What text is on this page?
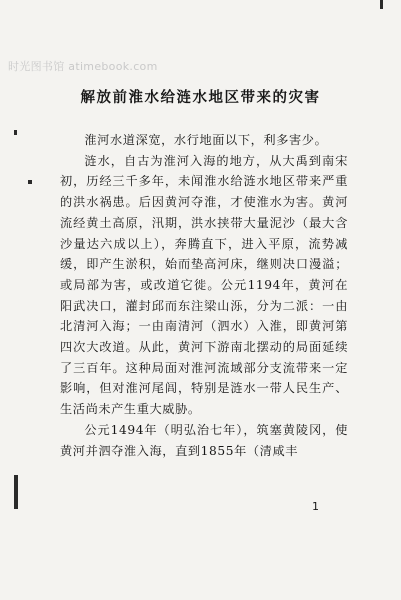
时光图书馆 atimebook.com
解放前淮水给涟水地区带来的灾害

淮河水道深宽，水行地面以下，利多害少。

涟水，自古为淮河入海的地方，从大禹到南宋初，历经三千多年，未闻淮水给涟水地区带来严重的洪水祸患。后因黄河夺淮，才使淮水为害。黄河流经黄土高原，汛期，洪水挟带大量泥沙（最大含沙量达六成以上），奔腾直下，进入平原，流势减缓，即产生淤积，始而垫高河床，继则决口漫溢；或局部为害，或改道它徙。公元1194年，黄河在阳武决口，灌封邱而东注梁山泺，分为二派：一由北清河入海；一由南清河（泗水）入淮，即黄河第四次大改道。从此，黄河下游南北摆动的局面延续了三百年。这种局面对淮河流域部分支流带来一定影响，但对淮河尾闾，特别是涟水一带人民生产、生活尚未产生重大威胁。

公元1494年（明弘治七年），筑塞黄陵冈，使黄河并泗夺淮入海，直到1855年（清咸丰

1
